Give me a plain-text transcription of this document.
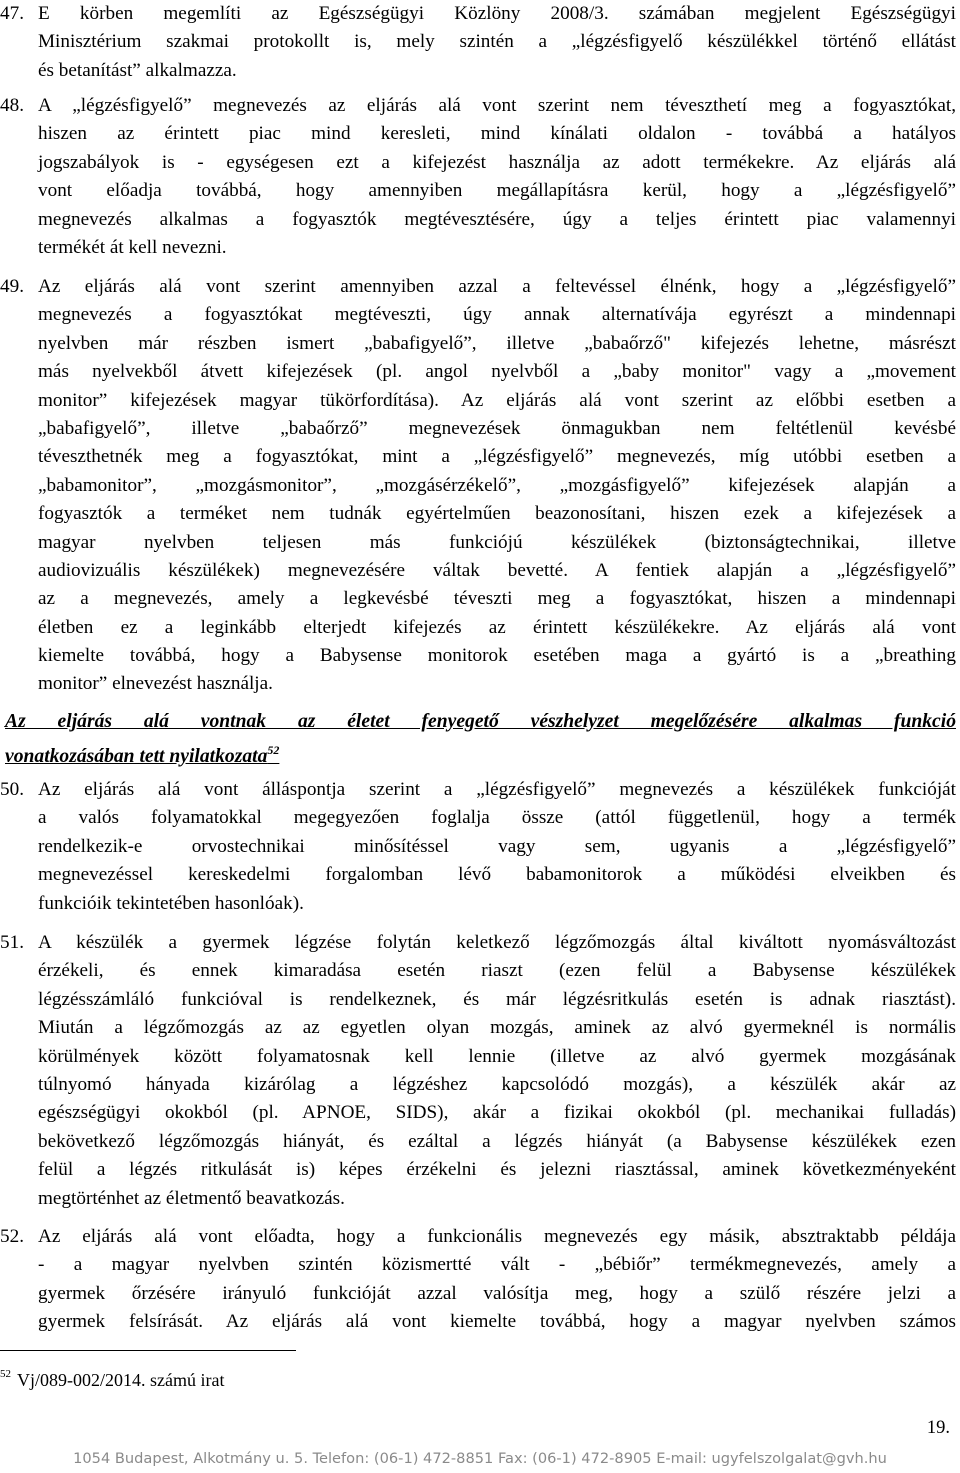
47. E körben megemlíti az Egészségügyi Közlöny 2008/3. számában megjelent Egészségügyi
Minisztérium szakmai protokollt is, mely szintén a „légzésfigyelő készülékkel történő ellátást
és betanítást” alkalmazza.
48. A „légzésfigyelő” megnevezés az eljárás alá vont szerint nem téveszthetí meg a fogyasztókat,
hiszen az érintett piac mind keresleti, mind kínálati oldalon - továbbá a hatályos
jogszabályok is - egységesen ezt a kifejezést használja az adott termékekre. Az eljárás alá
vont előadja továbbá, hogy amennyiben megállapításra kerül, hogy a „légzésfigyelő”
megnevezés alkalmas a fogyasztók megtévesztésére, úgy a teljes érintett piac valamennyi
termékét át kell nevezni.
49. Az eljárás alá vont szerint amennyiben azzal a feltevéssel élnénk, hogy a „légzésfigyelő”
megnevezés a fogyasztókat megtéveszti, úgy annak alternatívája egyrészt a mindennapi
nyelvben már részben ismert „babafigyelő”, illetve „babaőrző" kifejezés lehetne, másrészt
más nyelvekből átvett kifejezések (pl. angol nyelvből a „baby monitor" vagy a „movement
monitor” kifejezések magyar tükörfordítása). Az eljárás alá vont szerint az előbbi esetben a
„babafigyelő”, illetve „babaőrző” megnevezések önmagukban nem feltétlenül kevésbé
téveszthetnék meg a fogyasztókat, mint a „légzésfigyelő” megnevezés, míg utóbbi esetben a
„babamonitor”, „mozgásmonitor”, „mozgásérzékelő”, „mozgásfigyelő” kifejezések alapján a
fogyasztók a terméket nem tudnák egyértelműen beazonosítani, hiszen ezek a kifejezések a
magyar nyelvben teljesen más funkciójú készülékek (biztonságtechnikai, illetve
audiovizuális készülékek) megnevezésére váltak bevetté. A fentiek alapján a „légzésfigyelő”
az a megnevezés, amely a legkevésbé téveszti meg a fogyasztókat, hiszen a mindennapi
életben ez a leginkább elterjedt kifejezés az érintett készülékekre. Az eljárás alá vont
kiemelte továbbá, hogy a Babysense monitorok esetében maga a gyártó is a „breathing
monitor” elnevezést használja.
Az eljárás alá vontnak az életet fenyegető vészhelyzet megelőzésére alkalmas funkció
vonatkozásában tett nyilatkozata$^{52}$
50. Az eljárás alá vont álláspontja szerint a „légzésfigyelő” megnevezés a készülékek funkcióját
a valós folyamatokkal megegyezően foglalja össze (attól függetlenül, hogy a termék
rendelkezik-e orvostechnikai minősítéssel vagy sem, ugyanis a „légzésfigyelő”
megnevezéssel kereskedelmi forgalomban lévő babamonitorok a működési elveikben és
funkcióik tekintetében hasonlóak).
51. A készülék a gyermek légzése folytán keletkező légzőmozgás által kiváltott nyomásváltozást
érzékeli, és ennek kimaradása esetén riaszt (ezen felül a Babysense készülékek
légzésszámláló funkcióval is rendelkeznek, és már légzésritkulás esetén is adnak riasztást).
Miután a légzőmozgás az az egyetlen olyan mozgás, aminek az alvó gyermeknél is normális
körülmények között folyamatosnak kell lennie (illetve az alvó gyermek mozgásának
túlnyomó hányada kizárólag a légzéshez kapcsolódó mozgás), a készülék akár az
egészségügyi okokból (pl. APNOE, SIDS), akár a fizikai okokból (pl. mechanikai fulladás)
bekövetkező légzőmozgás hiányát, és ezáltal a légzés hiányát (a Babysense készülékek ezen
felül a légzés ritkulását is) képes érzékelni és jelezni riasztással, aminek következményeként
megtörténhet az életmentő beavatkozás.
52. Az eljárás alá vont előadta, hogy a funkcionális megnevezés egy másik, absztraktabb példája
- a magyar nyelvben szintén közismertté vált - „bébiőr” termékmegnevezés, amely a
gyermek őrzésére irányuló funkcióját azzal valósítja meg, hogy a szülő részére jelzi a
gyermek felsírását. Az eljárás alá vont kiemelte továbbá, hogy a magyar nyelvben számos
$^{52}$ Vj/089-002/2014. számú irat
19.
1054 Budapest, Alkotmány u. 5. Telefon: (06-1) 472-8851 Fax: (06-1) 472-8905 E-mail: ugyfelszolgalat@gvh.hu
